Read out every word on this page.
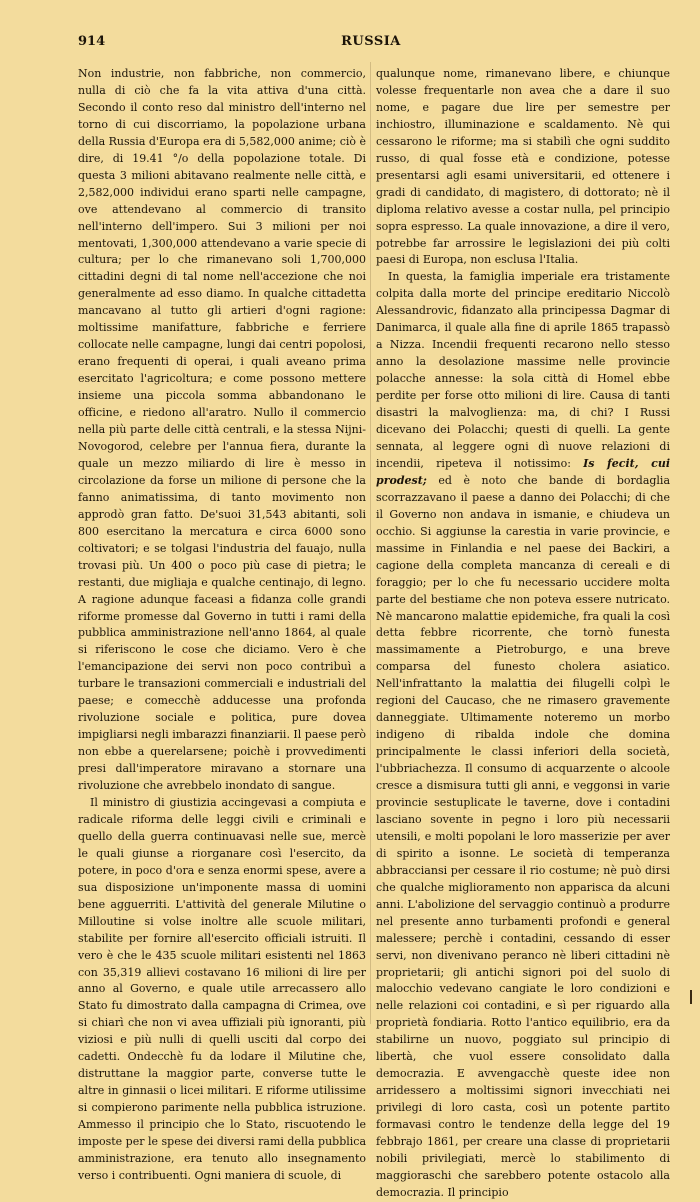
914	RUSSIA

Non industrie, non fabbriche, non commercio, nulla di ciò che fa la vita attiva d'una città. Secondo il conto reso dal ministro dell'interno nel torno di cui discorriamo, la popolazione urbana della Russia d'Europa era di 5,582,000 anime; ciò è dire, di 19.41 °/o della popolazione totale. Di questa 3 milioni abitavano realmente nelle città, e 2,582,000 individui erano sparti nelle campagne, ove attendevano al commercio di transito nell'interno dell'impero. Sui 3 milioni per noi mentovati, 1,300,000 attendevano a varie specie di cultura; per lo che rimanevano soli 1,700,000 cittadini degni di tal nome nell'accezione che noi generalmente ad esso diamo. In qualche cittadetta mancavano al tutto gli artieri d'ogni ragione: moltissime manifatture, fabbriche e ferriere collocate nelle campagne, lungi dai centri popolosi, erano frequenti di operai, i quali aveano prima esercitato l'agricoltura; e come possono mettere insieme una piccola somma abbandonano le officine, e riedono all'aratro. Nullo il commercio nella più parte delle città centrali, e la stessa Nijni-Novogorod, celebre per l'annua fiera, durante la quale un mezzo miliardo di lire è messo in circolazione da forse un milione di persone che la fanno animatissima, di tanto movimento non approdò gran fatto. De'suoi 31,543 abitanti, soli 800 esercitano la mercatura e circa 6000 sono coltivatori; e se tolgasi l'industria del fauajo, nulla trovasi più. Un 400 o poco più case di pietra; le restanti, due migliaja e qualche centinajo, di legno. A ragione adunque faceasi a fidanza colle grandi riforme promesse dal Governo in tutti i rami della pubblica amministrazione nell'anno 1864, al quale si riferiscono le cose che diciamo. Vero è che l'emancipazione dei servi non poco contribuì a turbare le transazioni commerciali e industriali del paese; e comecchè adducesse una profonda rivoluzione sociale e politica, pure dovea impigliarsi negli imbarazzi finanziarii. Il paese però non ebbe a querelarsene; poichè i provvedimenti presi dall'imperatore miravano a stornare una rivoluzione che avrebbelo inondato di sangue.

Il ministro di giustizia accingevasi a compiuta e radicale riforma delle leggi civili e criminali e quello della guerra continuavasi nelle sue, mercè le quali giunse a riorganare così l'esercito, da potere, in poco d'ora e senza enormi spese, avere a sua disposizione un'imponente massa di uomini bene agguerriti. L'attività del generale Milutine o Milloutine si volse inoltre alle scuole militari, stabilite per fornire all'esercito officiali istruiti. Il vero è che le 435 scuole militari esistenti nel 1863 con 35,319 allievi costavano 16 milioni di lire per anno al Governo, e quale utile arrecassero allo Stato fu dimostrato dalla campagna di Crimea, ove si chiarì che non vi avea uffiziali più ignoranti, più viziosi e più nulli di quelli usciti dal corpo dei cadetti. Ondecchè fu da lodare il Milutine che, distruttane la maggior parte, converse tutte le altre in ginnasii o licei militari. E riforme utilissime si compierono parimente nella pubblica istruzione. Ammesso il principio che lo Stato, riscuotendo le imposte per le spese dei diversi rami della pubblica amministrazione, era tenuto allo insegnamento verso i contribuenti. Ogni maniera di scuole, di

qualunque nome, rimanevano libere, e chiunque volesse frequentarle non avea che a dare il suo nome, e pagare due lire per semestre per inchiostro, illuminazione e scaldamento. Nè qui cessarono le riforme; ma si stabilì che ogni suddito russo, di qual fosse età e condizione, potesse presentarsi agli esami universitarii, ed ottenere i gradi di candidato, di magistero, di dottorato; nè il diploma relativo avesse a costar nulla, pel principio sopra espresso. La quale innovazione, a dire il vero, potrebbe far arrossire le legislazioni dei più colti paesi di Europa, non esclusa l'Italia.

In questa, la famiglia imperiale era tristamente colpita dalla morte del principe ereditario Niccolò Alessandrovic, fidanzato alla principessa Dagmar di Danimarca, il quale alla fine di aprile 1865 trapassò a Nizza. Incendii frequenti recarono nello stesso anno la desolazione massime nelle provincie polacche annesse: la sola città di Homel ebbe perdite per forse otto milioni di lire. Causa di tanti disastri la malvoglienza: ma, di chi? I Russi dicevano dei Polacchi; questi di quelli. La gente sennata, al leggere ogni dì nuove relazioni di incendii, ripeteva il notissimo: Is fecit, cui prodest; ed è noto che bande di bordaglia scorrazzavano il paese a danno dei Polacchi; di che il Governo non andava in ismanie, e chiudeva un occhio. Si aggiunse la carestia in varie provincie, e massime in Finlandia e nel paese dei Backiri, a cagione della completa mancanza di cereali e di foraggio; per lo che fu necessario uccidere molta parte del bestiame che non poteva essere nutricato. Nè mancarono malattie epidemiche, fra quali la così detta febbre ricorrente, che tornò funesta massimamente a Pietroburgo, e una breve comparsa del funesto cholera asiatico. Nell'infrattanto la malattia dei filugelli colpì le regioni del Caucaso, che ne rimasero gravemente danneggiate. Ultimamente noteremo un morbo indigeno di ribalda indole che domina principalmente le classi inferiori della società, l'ubbriachezza. Il consumo di acquarzente o alcoole cresce a dismisura tutti gli anni, e veggonsi in varie provincie sestuplicate le taverne, dove i contadini lasciano sovente in pegno i loro più necessarii utensili, e molti popolani le loro masserizie per aver di spirito a isonne. Le società di temperanza abbracciansi per cessare il rio costume; nè può dirsi che qualche miglioramento non apparisca da alcuni anni. L'abolizione del servaggio continuò a produrre nel presente anno turbamenti profondi e general malessere; perchè i contadini, cessando di esser servi, non divenivano peranco nè liberi cittadini nè proprietarii; gli antichi signori poi del suolo di malocchio vedevano cangiate le loro condizioni e nelle relazioni coi contadini, e sì per riguardo alla proprietà fondiaria. Rotto l'antico equilibrio, era da stabilirne un nuovo, poggiato sul principio di libertà, che vuol essere consolidato dalla democrazia. E avvengacchè queste idee non arridessero a moltissimi signori invecchiati nei privilegi di loro casta, così un potente partito formavasi contro le tendenze della legge del 19 febbrajo 1861, per creare una classe di proprietarii nobili privilegiati, mercè lo stabilimento di maggioraschi che sarebbero potente ostacolo alla democrazia. Il principio
